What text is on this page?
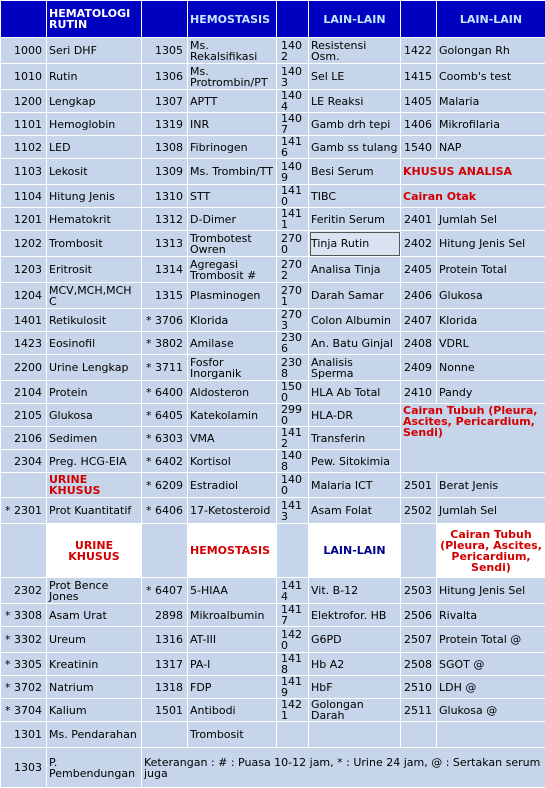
	HEMATOLOGI RUTIN		HEMOSTASIS		LAIN-LAIN		LAIN-LAIN
1000	Seri DHF	1305	Ms. Rekalsifikasi	1402	Resistensi Osm.	1422	Golongan Rh
1010	Rutin	1306	Ms. Protrombin/PT	1403	Sel LE	1415	Coomb's test
1200	Lengkap	1307	APTT	1404	LE Reaksi	1405	Malaria
1101	Hemoglobin	1319	INR	1407	Gamb drh tepi	1406	Mikrofilaria
1102	LED	1308	Fibrinogen	1416	Gamb ss tulang	1540	NAP
1103	Lekosit	1309	Ms. Trombin/TT	1409	Besi Serum	KHUSUS ANALISA	
1104	Hitung Jenis	1310	STT	1410	TIBC	Cairan Otak	
1201	Hematokrit	1312	D-Dimer	1411	Feritin Serum	2401	Jumlah Sel
1202	Trombosit	1313	Trombotest Owren	2700	Tinja Rutin	2402	Hitung Jenis Sel
1203	Eritrosit	1314	Agregasi Trombosit #	2702	Analisa Tinja	2405	Protein Total
1204	MCV,MCH,MCHC	1315	Plasminogen	2701	Darah Samar	2406	Glukosa
1401	Retikulosit	* 3706	Klorida	2703	Colon Albumin	2407	Klorida
1423	Eosinofil	* 3802	Amilase	2306	An. Batu Ginjal	2408	VDRL
2200	Urine Lengkap	* 3711	Fosfor Inorganik	2308	Analisis Sperma	2409	Nonne
2104	Protein	* 6400	Aldosteron	1500	HLA Ab Total	2410	Pandy
2105	Glukosa	* 6405	Katekolamin	2990	HLA-DR	Cairan Tubuh (Pleura, Ascites, Pericardium, Sendi)	
2106	Sedimen	* 6303	VMA	1412	Transferin		
2304	Preg. HCG-EIA	* 6402	Kortisol	1408	Pew. Sitokimia		
	URINE KHUSUS	* 6209	Estradiol	1400	Malaria ICT	2501	Berat Jenis
* 2301	Prot Kuantitatif	* 6406	17-Ketosteroid	1413	Asam Folat	2502	Jumlah Sel
	URINE KHUSUS		HEMOSTASIS		LAIN-LAIN		Cairan Tubuh (Pleura, Ascites, Pericardium, Sendi)
2302	Prot Bence Jones	* 6407	5-HIAA	1414	Vit. B-12	2503	Hitung Jenis Sel
* 3308	Asam Urat	2898	Mikroalbumin	1417	Elektrofor. HB	2506	Rivalta
* 3302	Ureum	1316	AT-III	1420	G6PD	2507	Protein Total @
* 3305	Kreatinin	1317	PA-I	1418	Hb A2	2508	SGOT @
* 3702	Natrium	1318	FDP	1419	HbF	2510	LDH @
* 3704	Kalium	1501	Antibodi	1421	Golongan Darah	2511	Glukosa @
1301	Ms. Pendarahan		Trombosit				
1303	P. Pembendungan	Keterangan : # : Puasa 10-12 jam, * : Urine 24 jam, @ : Sertakan serum juga					
